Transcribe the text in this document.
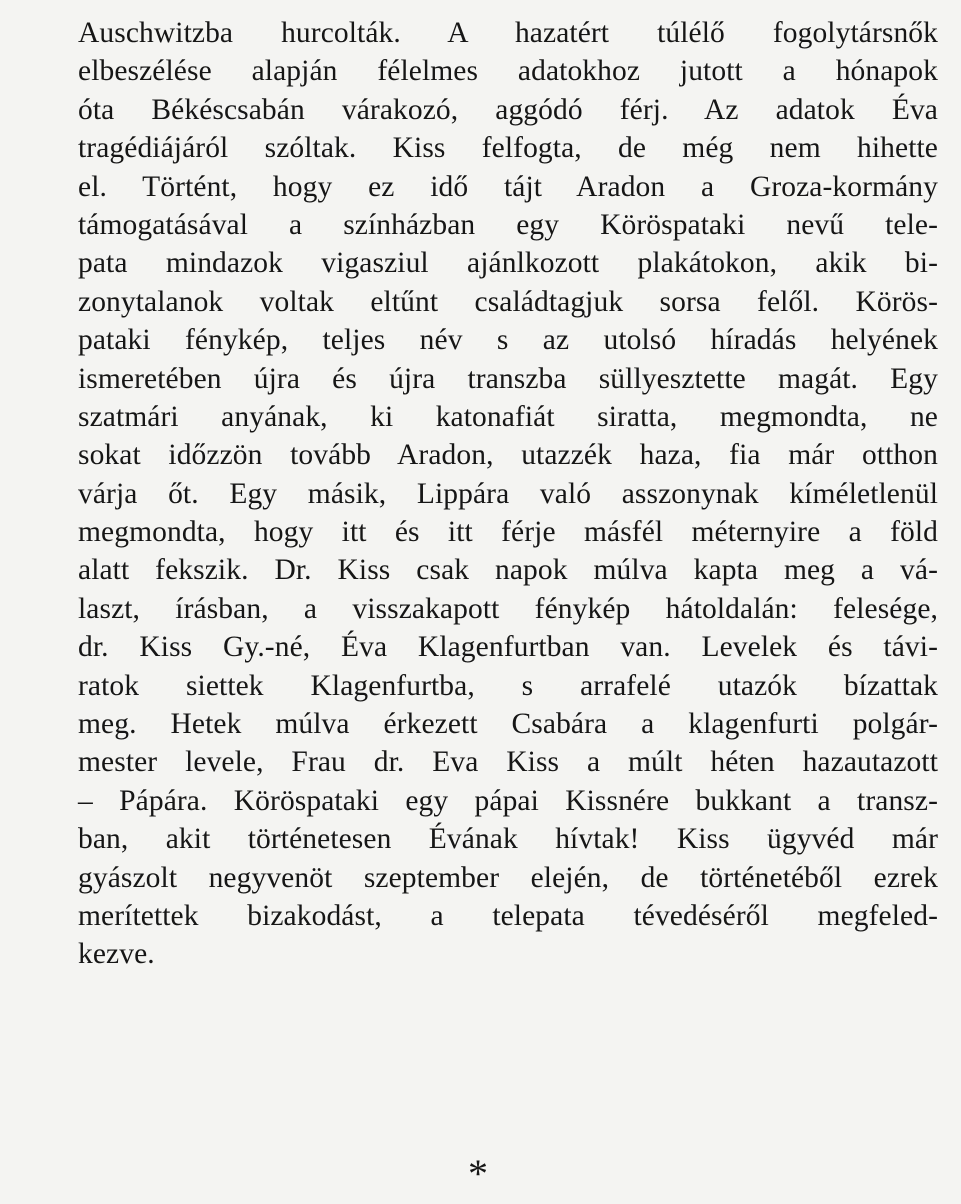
Auschwitzba hurcolták. A hazatért túlélő fogolytársnők
elbeszélése alapján félelmes adatokhoz jutott a hónapok
óta Békéscsabán várakozó, aggódó férj. Az adatok Éva
tragédiájáról szóltak. Kiss felfogta, de még nem hihette
el. Történt, hogy ez idő tájt Aradon a Groza-kormány
támogatásával a színházban egy Köröspataki nevű tele-
pata mindazok vigasziul ajánlkozott plakátokon, akik bi-
zonytalanok voltak eltűnt családtagjuk sorsa felől. Körös-
pataki fénykép, teljes név s az utolsó híradás helyének
ismeretében újra és újra transzba süllyesztette magát. Egy
szatmári anyának, ki katonafiát siratta, megmondta, ne
sokat időzzön tovább Aradon, utazzék haza, fia már otthon
várja őt. Egy másik, Lippára való asszonynak kíméletlenül
megmondta, hogy itt és itt férje másfél méternyire a föld
alatt fekszik. Dr. Kiss csak napok múlva kapta meg a vá-
laszt, írásban, a visszakapott fénykép hátoldalán: felesége,
dr. Kiss Gy.-né, Éva Klagenfurtban van. Levelek és távi-
ratok siettek Klagenfurtba, s arrafelé utazók bízattak
meg. Hetek múlva érkezett Csabára a klagenfurti polgár-
mester levele, Frau dr. Eva Kiss a múlt héten hazautazott
– Pápára. Köröspataki egy pápai Kissnére bukkant a transz-
ban, akit történetesen Évának hívtak! Kiss ügyvéd már
gyászolt negyvenöt szeptember elején, de történetéből ezrek
merítettek bizakodást, a telepata tévedéséről megfeled-
kezve.
*
